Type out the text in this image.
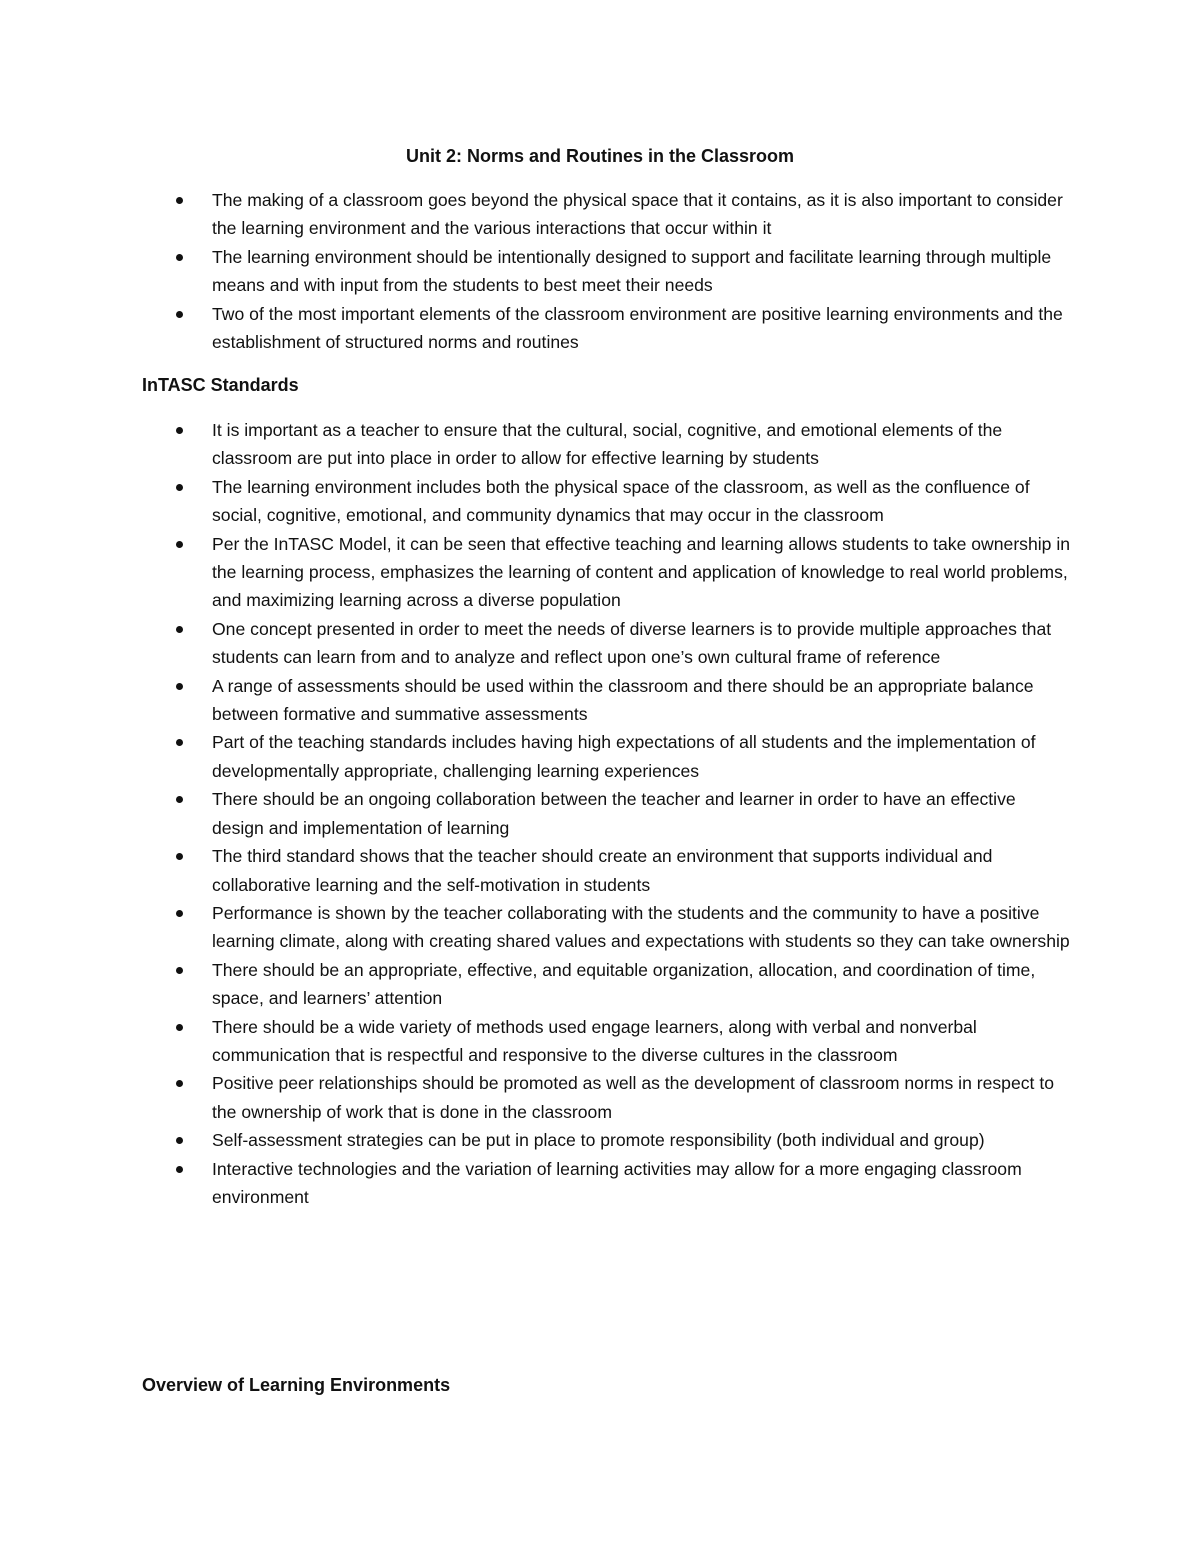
Unit 2: Norms and Routines in the Classroom
The making of a classroom goes beyond the physical space that it contains, as it is also important to consider the learning environment and the various interactions that occur within it
The learning environment should be intentionally designed to support and facilitate learning through multiple means and with input from the students to best meet their needs
Two of the most important elements of the classroom environment are positive learning environments and the establishment of structured norms and routines
InTASC Standards
It is important as a teacher to ensure that the cultural, social, cognitive, and emotional elements of the classroom are put into place in order to allow for effective learning by students
The learning environment includes both the physical space of the classroom, as well as the confluence of social, cognitive, emotional, and community dynamics that may occur in the classroom
Per the InTASC Model, it can be seen that effective teaching and learning allows students to take ownership in the learning process, emphasizes the learning of content and application of knowledge to real world problems, and maximizing learning across a diverse population
One concept presented in order to meet the needs of diverse learners is to provide multiple approaches that students can learn from and to analyze and reflect upon one’s own cultural frame of reference
A range of assessments should be used within the classroom and there should be an appropriate balance between formative and summative assessments
Part of the teaching standards includes having high expectations of all students and the implementation of developmentally appropriate, challenging learning experiences
There should be an ongoing collaboration between the teacher and learner in order to have an effective design and implementation of learning
The third standard shows that the teacher should create an environment that supports individual and collaborative learning and the self-motivation in students
Performance is shown by the teacher collaborating with the students and the community to have a positive learning climate, along with creating shared values and expectations with students so they can take ownership
There should be an appropriate, effective, and equitable organization, allocation, and coordination of time, space, and learners’ attention
There should be a wide variety of methods used engage learners, along with verbal and nonverbal communication that is respectful and responsive to the diverse cultures in the classroom
Positive peer relationships should be promoted as well as the development of classroom norms in respect to the ownership of work that is done in the classroom
Self-assessment strategies can be put in place to promote responsibility (both individual and group)
Interactive technologies and the variation of learning activities may allow for a more engaging classroom environment
Overview of Learning Environments
